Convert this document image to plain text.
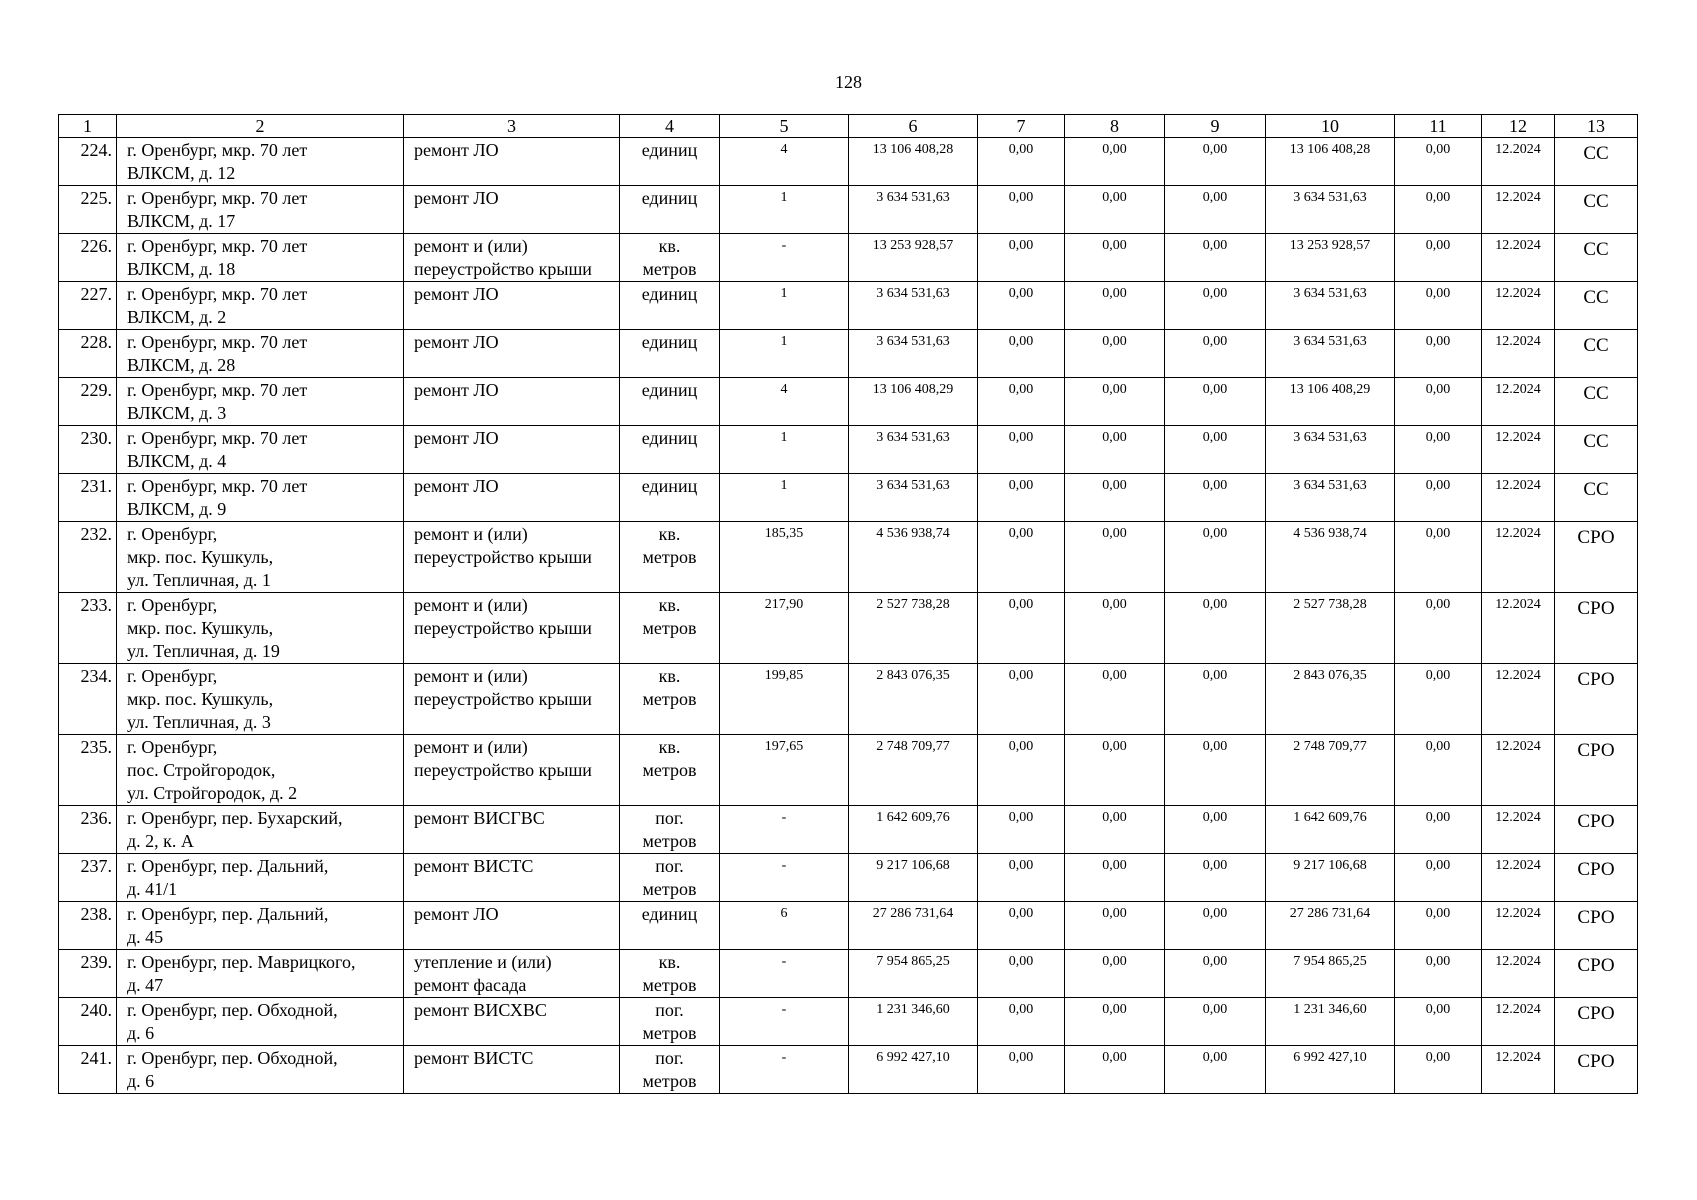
128
1	2	3	4	5	6	7	8	9	10	11	12	13
224.	г. Оренбург, мкр. 70 лет
ВЛКСМ, д. 12	ремонт ЛО	единиц	4	13 106 408,28	0,00	0,00	0,00	13 106 408,28	0,00	12.2024	СС
225.	г. Оренбург, мкр. 70 лет
ВЛКСМ, д. 17	ремонт ЛО	единиц	1	3 634 531,63	0,00	0,00	0,00	3 634 531,63	0,00	12.2024	СС
226.	г. Оренбург, мкр. 70 лет
ВЛКСМ, д. 18	ремонт и (или)
переустройство крыши	кв.
метров	-	13 253 928,57	0,00	0,00	0,00	13 253 928,57	0,00	12.2024	СС
227.	г. Оренбург, мкр. 70 лет
ВЛКСМ, д. 2	ремонт ЛО	единиц	1	3 634 531,63	0,00	0,00	0,00	3 634 531,63	0,00	12.2024	СС
228.	г. Оренбург, мкр. 70 лет
ВЛКСМ, д. 28	ремонт ЛО	единиц	1	3 634 531,63	0,00	0,00	0,00	3 634 531,63	0,00	12.2024	СС
229.	г. Оренбург, мкр. 70 лет
ВЛКСМ, д. 3	ремонт ЛО	единиц	4	13 106 408,29	0,00	0,00	0,00	13 106 408,29	0,00	12.2024	СС
230.	г. Оренбург, мкр. 70 лет
ВЛКСМ, д. 4	ремонт ЛО	единиц	1	3 634 531,63	0,00	0,00	0,00	3 634 531,63	0,00	12.2024	СС
231.	г. Оренбург, мкр. 70 лет
ВЛКСМ, д. 9	ремонт ЛО	единиц	1	3 634 531,63	0,00	0,00	0,00	3 634 531,63	0,00	12.2024	СС
232.	г. Оренбург,
мкр. пос. Кушкуль,
ул. Тепличная, д. 1	ремонт и (или)
переустройство крыши	кв.
метров	185,35	4 536 938,74	0,00	0,00	0,00	4 536 938,74	0,00	12.2024	СРО
233.	г. Оренбург,
мкр. пос. Кушкуль,
ул. Тепличная, д. 19	ремонт и (или)
переустройство крыши	кв.
метров	217,90	2 527 738,28	0,00	0,00	0,00	2 527 738,28	0,00	12.2024	СРО
234.	г. Оренбург,
мкр. пос. Кушкуль,
ул. Тепличная, д. 3	ремонт и (или)
переустройство крыши	кв.
метров	199,85	2 843 076,35	0,00	0,00	0,00	2 843 076,35	0,00	12.2024	СРО
235.	г. Оренбург,
пос. Стройгородок,
ул. Стройгородок, д. 2	ремонт и (или)
переустройство крыши	кв.
метров	197,65	2 748 709,77	0,00	0,00	0,00	2 748 709,77	0,00	12.2024	СРО
236.	г. Оренбург, пер. Бухарский,
д. 2, к. А	ремонт ВИСГВС	пог.
метров	-	1 642 609,76	0,00	0,00	0,00	1 642 609,76	0,00	12.2024	СРО
237.	г. Оренбург, пер. Дальний,
д. 41/1	ремонт ВИСТС	пог.
метров	-	9 217 106,68	0,00	0,00	0,00	9 217 106,68	0,00	12.2024	СРО
238.	г. Оренбург, пер. Дальний,
д. 45	ремонт ЛО	единиц	6	27 286 731,64	0,00	0,00	0,00	27 286 731,64	0,00	12.2024	СРО
239.	г. Оренбург, пер. Маврицкого,
д. 47	утепление и (или)
ремонт фасада	кв.
метров	-	7 954 865,25	0,00	0,00	0,00	7 954 865,25	0,00	12.2024	СРО
240.	г. Оренбург, пер. Обходной,
д. 6	ремонт ВИСХВС	пог.
метров	-	1 231 346,60	0,00	0,00	0,00	1 231 346,60	0,00	12.2024	СРО
241.	г. Оренбург, пер. Обходной,
д. 6	ремонт ВИСТС	пог.
метров	-	6 992 427,10	0,00	0,00	0,00	6 992 427,10	0,00	12.2024	СРО
